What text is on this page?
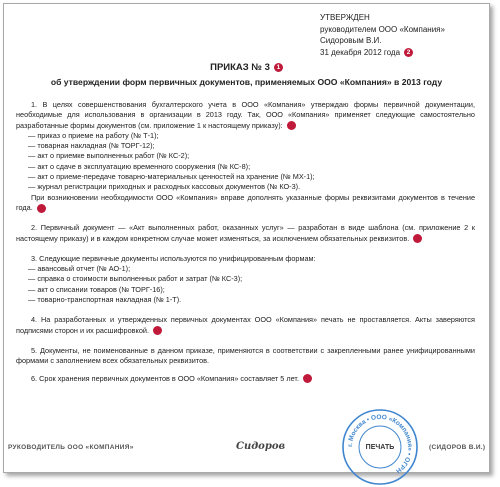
УТВЕРЖДЕН
руководителем ООО «Компания»
Сидоровым В.И.
31 декабря 2012 года 2
ПРИКАЗ № 3 1
об утверждении форм первичных документов, применяемых ООО «Компания» в 2013 году

1. В целях совершенствования бухгалтерского учета в ООО «Компания» утверждаю формы первичной документации, необходимые для использования в организации в 2013 году. Так, ООО «Компания» применяет следующие самостоятельно разработанные формы документов (см. приложение 1 к настоящему приказу):	3

— приказ о приеме на работу (№ Т-1);

— товарная накладная (№ ТОРГ-12);

— акт о приемке выполненных работ (№ КС-2);

— акт о сдаче в эксплуатацию временного сооружения (№ КС-8);

— акт о приеме-передаче товарно-материальных ценностей на хранение (№ МХ-1);

— журнал регистрации приходных и расходных кассовых документов (№ КО-3).

При возникновении необходимости ООО «Компания» вправе дополнять указанные формы реквизитами документов в течение года.	1

2. Первичный документ — «Акт выполненных работ, оказанных услуг» — разработан в виде шаблона (см. приложение 2 к настоящему приказу) и в каждом конкретном случае может изменяться, за исключением обязательных реквизитов.	4

3. Следующие первичные документы используются по унифицированным формам:

— авансовый отчет (№ АО-1);

— справка о стоимости выполненных работ и затрат (№ КС-3);

— акт о списании товаров (№ ТОРГ-16);

— товарно-транспортная накладная (№ 1-Т).

4. На разработанных и утвержденных первичных документах ООО «Компания» печать не проставляется. Акты заверяются подписями сторон и их расшифровкой.	5

5. Документы, не поименованные в данном приказе, применяются в соответствии с закрепленными ранее унифицированными формами с заполнением всех обязательных реквизитов.

6. Срок хранения первичных документов в ООО «Компания» составляет 5 лет.	6

РУКОВОДИТЕЛЬ ООО «КОМПАНИЯ»	Сидоров	(СИДОРОВ В.И.)
г. Москва • ООО «Компания» • ОГРН
ПЕЧАТЬ
